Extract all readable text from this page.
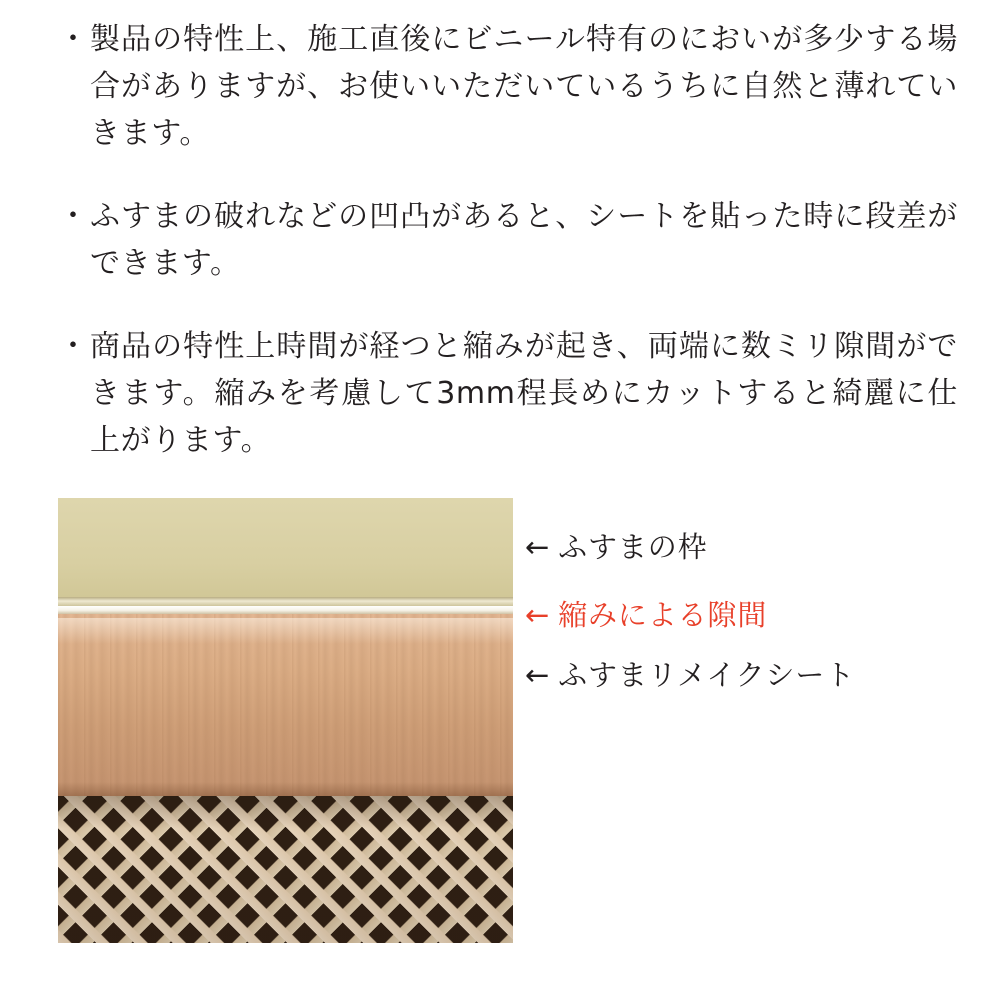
・ 製品の特性上、施工直後にビニール特有のにおいが多少する場合がありますが、お使いいただいているうちに自然と薄れていきます。
・ ふすまの破れなどの凹凸があると、シートを貼った時に段差ができます。
・ 商品の特性上時間が経つと縮みが起き、両端に数ミリ隙間ができます。縮みを考慮して3mm程長めにカットすると綺麗に仕上がります。
← ふすまの枠
← 縮みによる隙間
← ふすまリメイクシート
